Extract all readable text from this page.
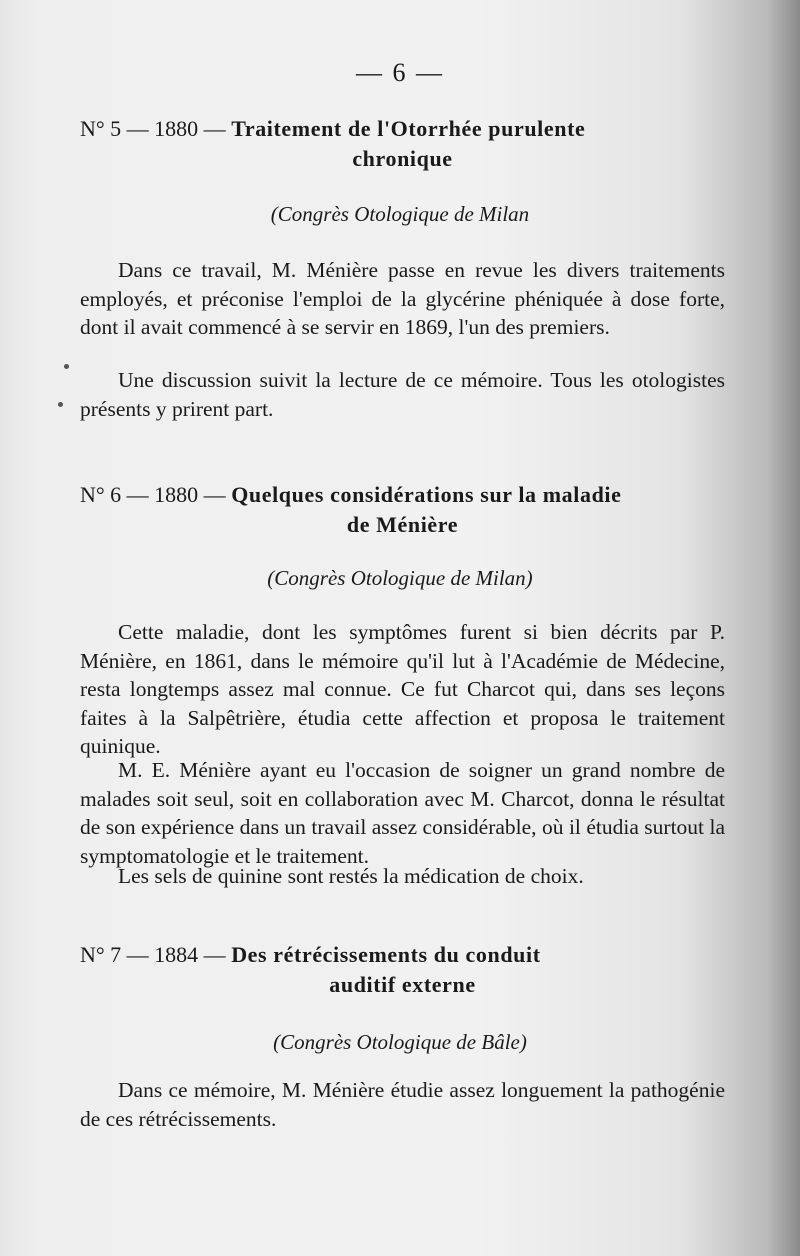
— 6 —
N° 5 — 1880 — Traitement de l'Otorrhée purulente
chronique
(Congrès Otologique de Milan

Dans ce travail, M. Ménière passe en revue les divers traitements employés, et préconise l'emploi de la glycérine phéniquée à dose forte, dont il avait commencé à se servir en 1869, l'un des premiers.

Une discussion suivit la lecture de ce mémoire. Tous les otologistes présents y prirent part.

N° 6 — 1880 — Quelques considérations sur la maladie
de Ménière
(Congrès Otologique de Milan)

Cette maladie, dont les symptômes furent si bien décrits par P. Ménière, en 1861, dans le mémoire qu'il lut à l'Académie de Médecine, resta longtemps assez mal connue. Ce fut Charcot qui, dans ses leçons faites à la Salpêtrière, étudia cette affection et proposa le traitement quinique.

M. E. Ménière ayant eu l'occasion de soigner un grand nombre de malades soit seul, soit en collaboration avec M. Charcot, donna le résultat de son expérience dans un travail assez considérable, où il étudia surtout la symptomatologie et le traitement.

Les sels de quinine sont restés la médication de choix.

N° 7 — 1884 — Des rétrécissements du conduit
auditif externe
(Congrès Otologique de Bâle)

Dans ce mémoire, M. Ménière étudie assez longuement la pathogénie de ces rétrécissements.
